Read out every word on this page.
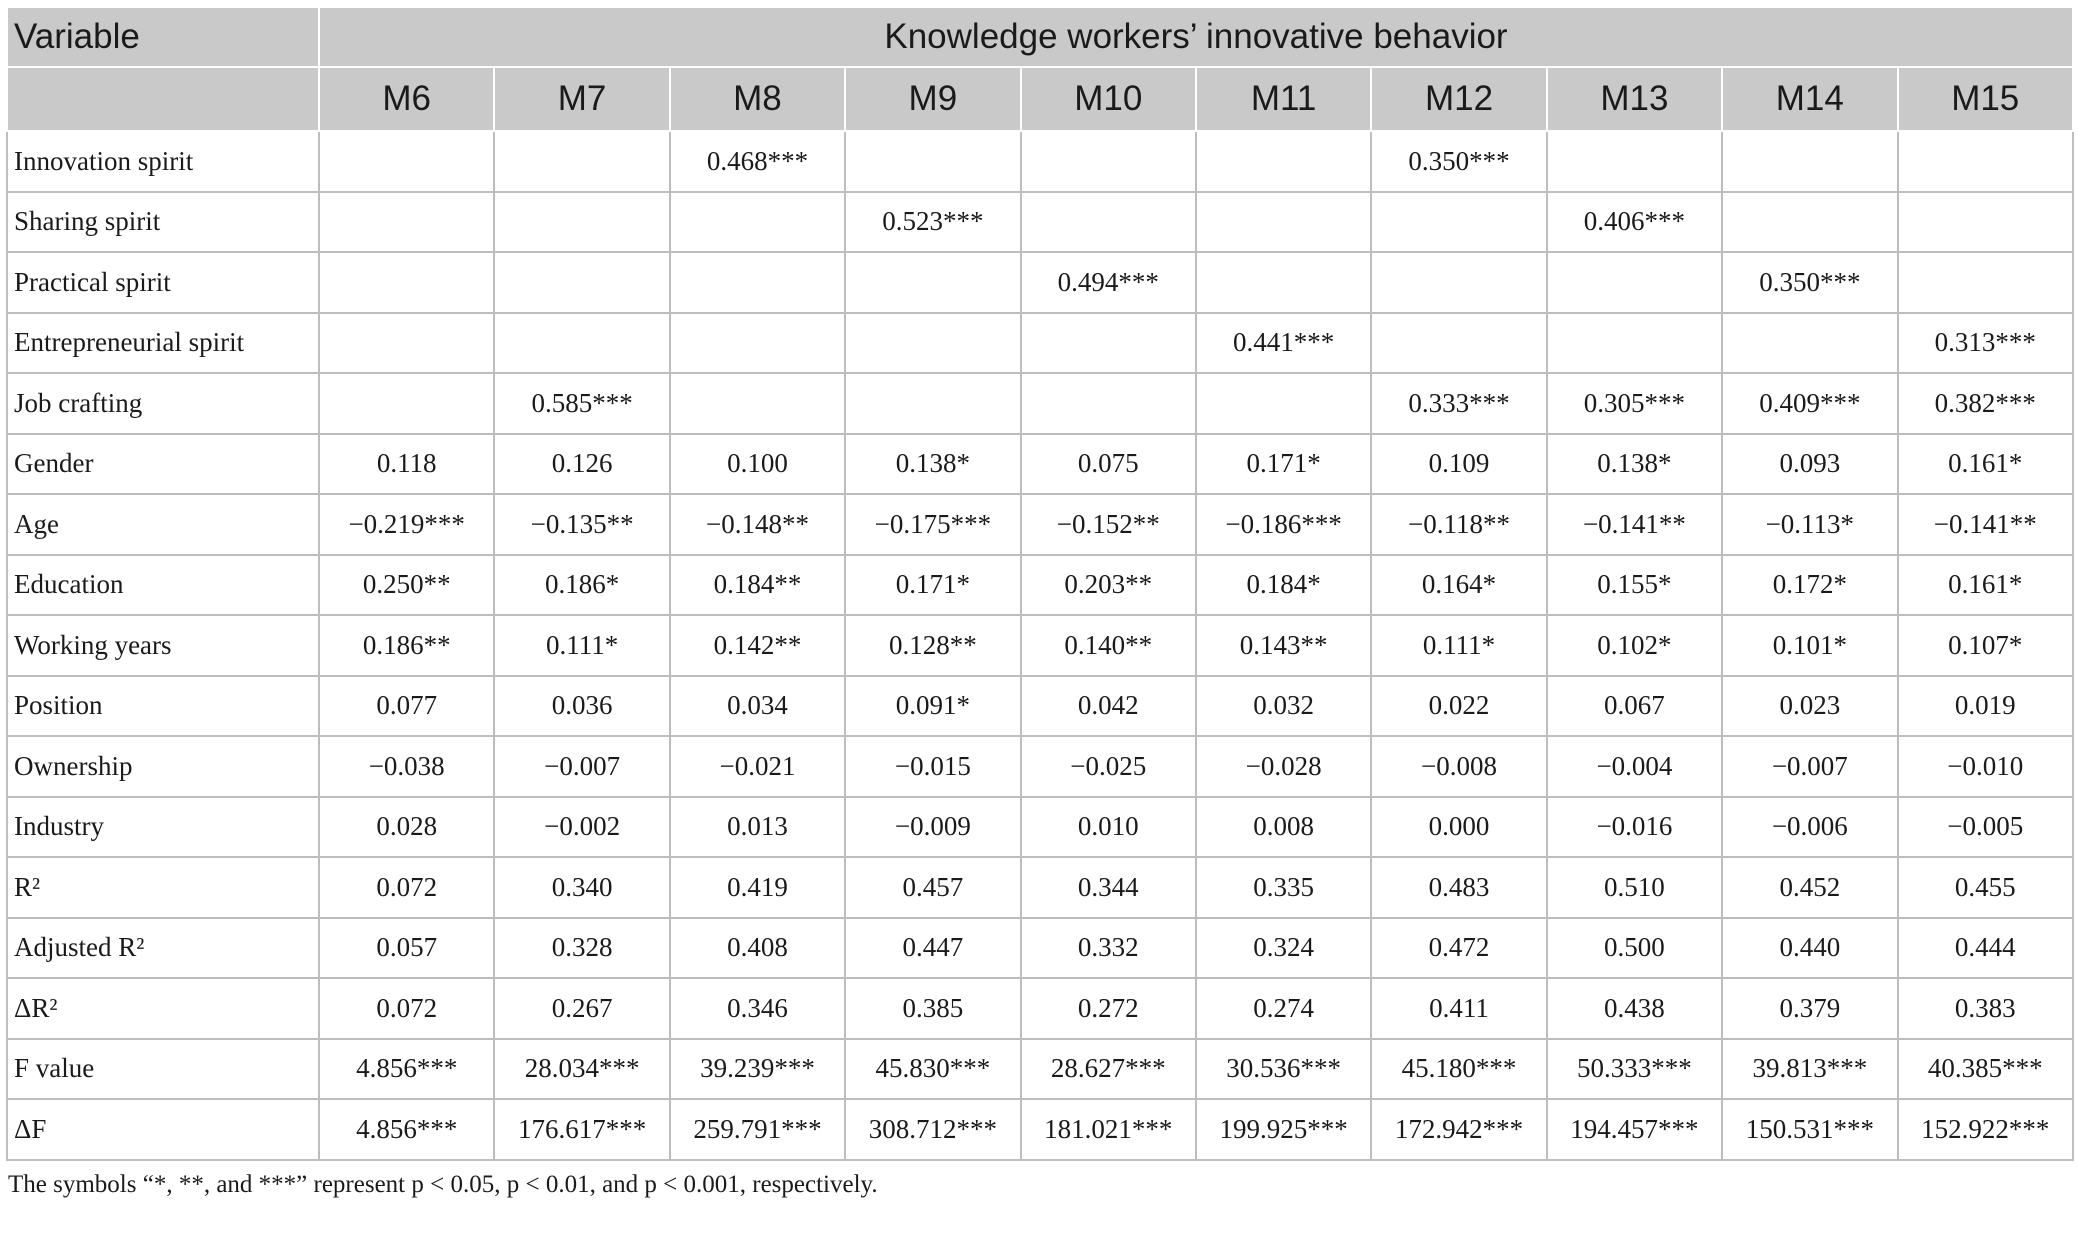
Variable	Knowledge workers’ innovative behavior									
	M6	M7	M8	M9	M10	M11	M12	M13	M14	M15
Innovation spirit			0.468***				0.350***			
Sharing spirit				0.523***				0.406***		
Practical spirit					0.494***				0.350***	
Entrepreneurial spirit						0.441***				0.313***
Job crafting		0.585***					0.333***	0.305***	0.409***	0.382***
Gender	0.118	0.126	0.100	0.138*	0.075	0.171*	0.109	0.138*	0.093	0.161*
Age	−0.219***	−0.135**	−0.148**	−0.175***	−0.152**	−0.186***	−0.118**	−0.141**	−0.113*	−0.141**
Education	0.250**	0.186*	0.184**	0.171*	0.203**	0.184*	0.164*	0.155*	0.172*	0.161*
Working years	0.186**	0.111*	0.142**	0.128**	0.140**	0.143**	0.111*	0.102*	0.101*	0.107*
Position	0.077	0.036	0.034	0.091*	0.042	0.032	0.022	0.067	0.023	0.019
Ownership	−0.038	−0.007	−0.021	−0.015	−0.025	−0.028	−0.008	−0.004	−0.007	−0.010
Industry	0.028	−0.002	0.013	−0.009	0.010	0.008	0.000	−0.016	−0.006	−0.005
R²	0.072	0.340	0.419	0.457	0.344	0.335	0.483	0.510	0.452	0.455
Adjusted R²	0.057	0.328	0.408	0.447	0.332	0.324	0.472	0.500	0.440	0.444
ΔR²	0.072	0.267	0.346	0.385	0.272	0.274	0.411	0.438	0.379	0.383
F value	4.856***	28.034***	39.239***	45.830***	28.627***	30.536***	45.180***	50.333***	39.813***	40.385***
ΔF	4.856***	176.617***	259.791***	308.712***	181.021***	199.925***	172.942***	194.457***	150.531***	152.922***
The symbols “*, **, and ***” represent p < 0.05, p < 0.01, and p < 0.001, respectively.
